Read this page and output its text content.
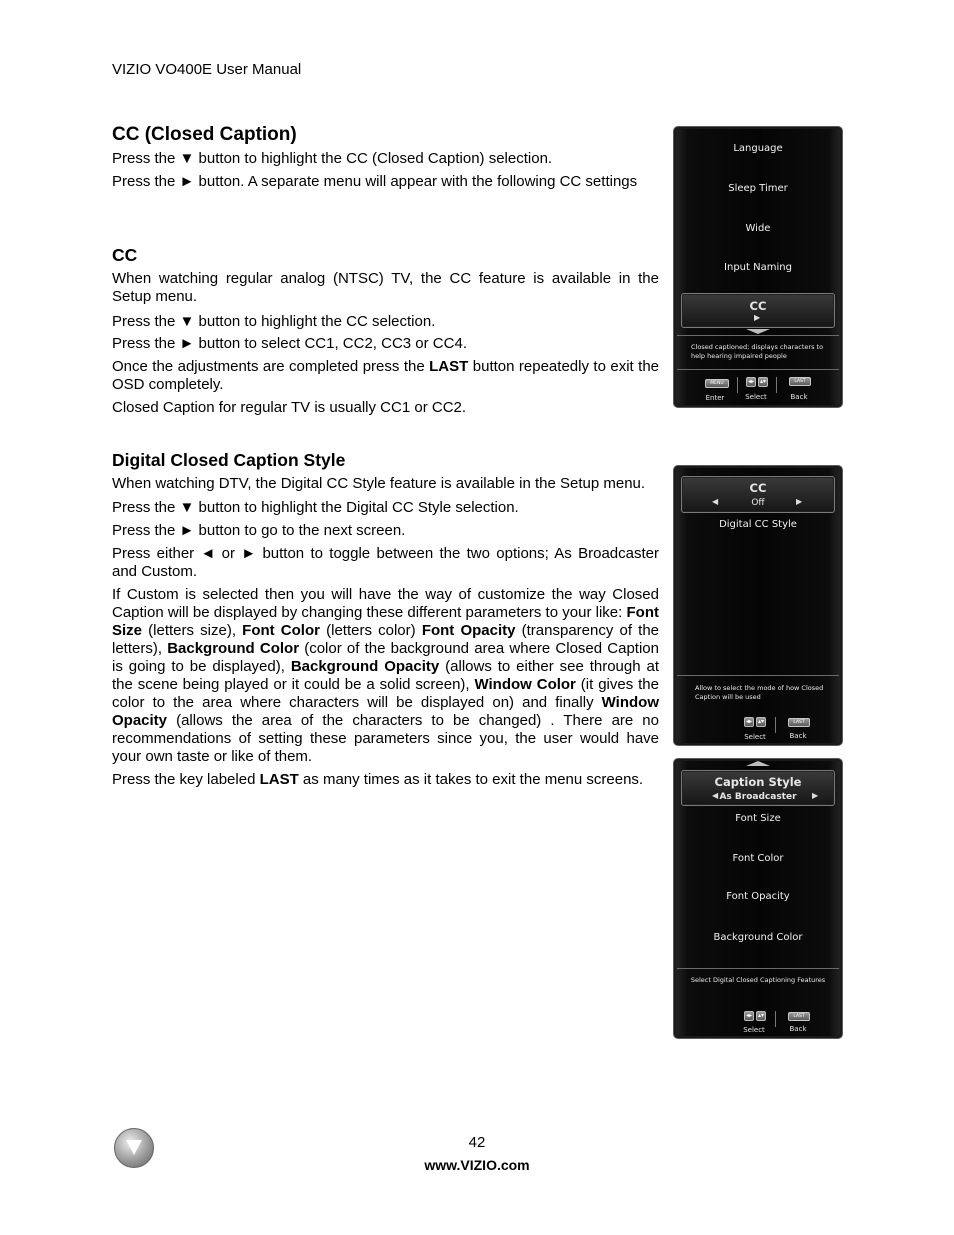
VIZIO VO400E User Manual
CC (Closed Caption)

Press the ▼ button to highlight the CC (Closed Caption) selection.

Press the ► button. A separate menu will appear with the following CC settings

CC

When watching regular analog (NTSC) TV, the CC feature is available in the Setup menu.

Press the ▼ button to highlight the CC selection.

Press the ► button to select CC1, CC2, CC3 or CC4.

Once the adjustments are completed press the LAST button repeatedly to exit the OSD completely.

Closed Caption for regular TV is usually CC1 or CC2.

Digital Closed Caption Style

When watching DTV, the Digital CC Style feature is available in the Setup menu.

Press the ▼ button to highlight the Digital CC Style selection.

Press the ► button to go to the next screen.

Press either ◄ or ► button to toggle between the two options; As Broadcaster and Custom.

If Custom is selected then you will have the way of customize the way Closed Caption will be displayed by changing these different parameters to your like: Font Size (letters size), Font Color (letters color) Font Opacity (transparency of the letters), Background Color (color of the background area where Closed Caption is going to be displayed), Background Opacity (allows to either see through at the scene being played or it could be a solid screen), Window Color (it gives the color to the area where characters will be displayed on) and finally Window Opacity (allows the area of the characters to be changed) . There are no recommendations of setting these parameters since you, the user would have your own taste or like of them.

Press the key labeled LAST as many times as it takes to exit the menu screens.

Language
Sleep Timer
Wide
Input Naming
CC
▶
Closed captioned; displays characters to help hearing impaired people
MENU	◂▸ ▴▾	LAST
Enter	Select	Back
CC
◀	Off	▶
Digital CC Style
Allow to select the mode of how Closed Caption will be used
◂▸ ▴▾	LAST
Select	Back
Caption Style
◀ As Broadcaster	▶
Font Size
Font Color
Font Opacity
Background Color
Select Digital Closed Captioning Features
◂▸ ▴▾	LAST
Select	Back
42
www.VIZIO.com
